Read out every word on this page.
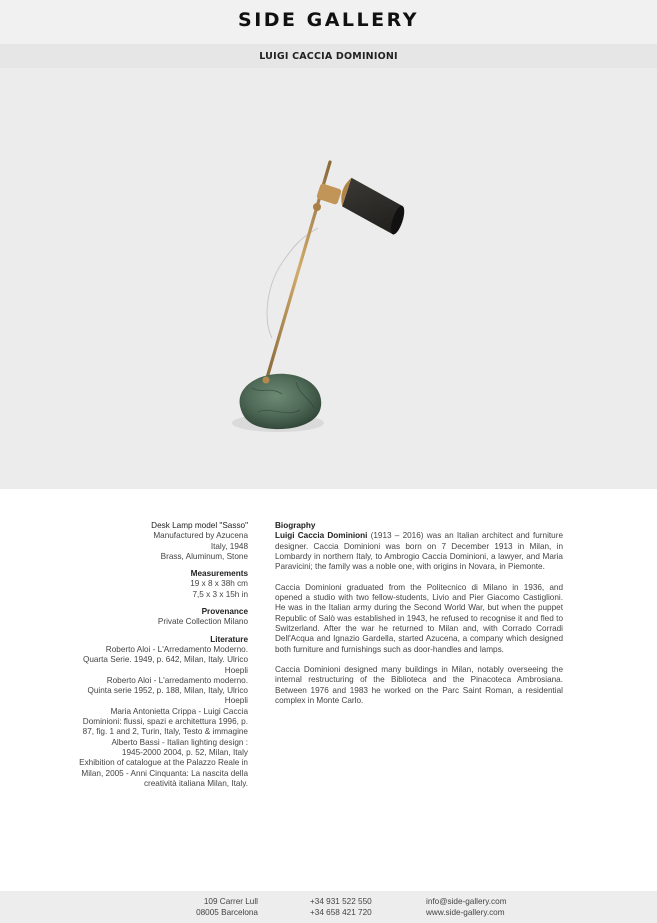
SIDE GALLERY
LUIGI CACCIA DOMINIONI
Desk Lamp model "Sasso"
Manufactured by Azucena
Italy, 1948
Brass, Aluminum, Stone
Measurements
19 x 8 x 38h cm
7,5 x 3 x 15h in
Provenance
Private Collection Milano
Literature
Roberto Aloi - L'Arredamento Moderno.
Quarta Serie. 1949, p. 642, Milan, Italy. Ulrico
Hoepli
Roberto Aloi - L'arredamento moderno.
Quinta serie 1952, p. 188, Milan, Italy, Ulrico
Hoepli
Maria Antonietta Crippa - Luigi Caccia
Dominioni: flussi, spazi e architettura 1996, p.
87, fig. 1 and 2, Turin, Italy, Testo & immagine
Alberto Bassi - Italian lighting design :
1945-2000 2004, p. 52, Milan, Italy
Exhibition of catalogue at the Palazzo Reale in
Milan, 2005 - Anni Cinquanta: La nascita della
creatività italiana Milan, Italy.
Biography

Luigi Caccia Dominioni (1913 – 2016) was an Italian architect and furniture designer. Caccia Dominioni was born on 7 December 1913 in Milan, in Lombardy in northern Italy, to Ambrogio Caccia Dominioni, a lawyer, and Maria Paravicini; the family was a noble one, with origins in Novara, in Piemonte.

Caccia Dominioni graduated from the Politecnico di Milano in 1936, and opened a studio with two fellow-students, Livio and Pier Giacomo Castiglioni. He was in the Italian army during the Second World War, but when the puppet Republic of Salò was established in 1943, he refused to recognise it and fled to Switzerland. After the war he returned to Milan and, with Corrado Corradi Dell'Acqua and Ignazio Gardella, started Azucena, a company which designed both furniture and furnishings such as door-handles and lamps.

Caccia Dominioni designed many buildings in Milan, notably overseeing the internal restructuring of the Biblioteca and the Pinacoteca Ambrosiana. Between 1976 and 1983 he worked on the Parc Saint Roman, a residential complex in Monte Carlo.

109 Carrer Lull
08005 Barcelona
+34 931 522 550
+34 658 421 720
info@side-gallery.com
www.side-gallery.com
